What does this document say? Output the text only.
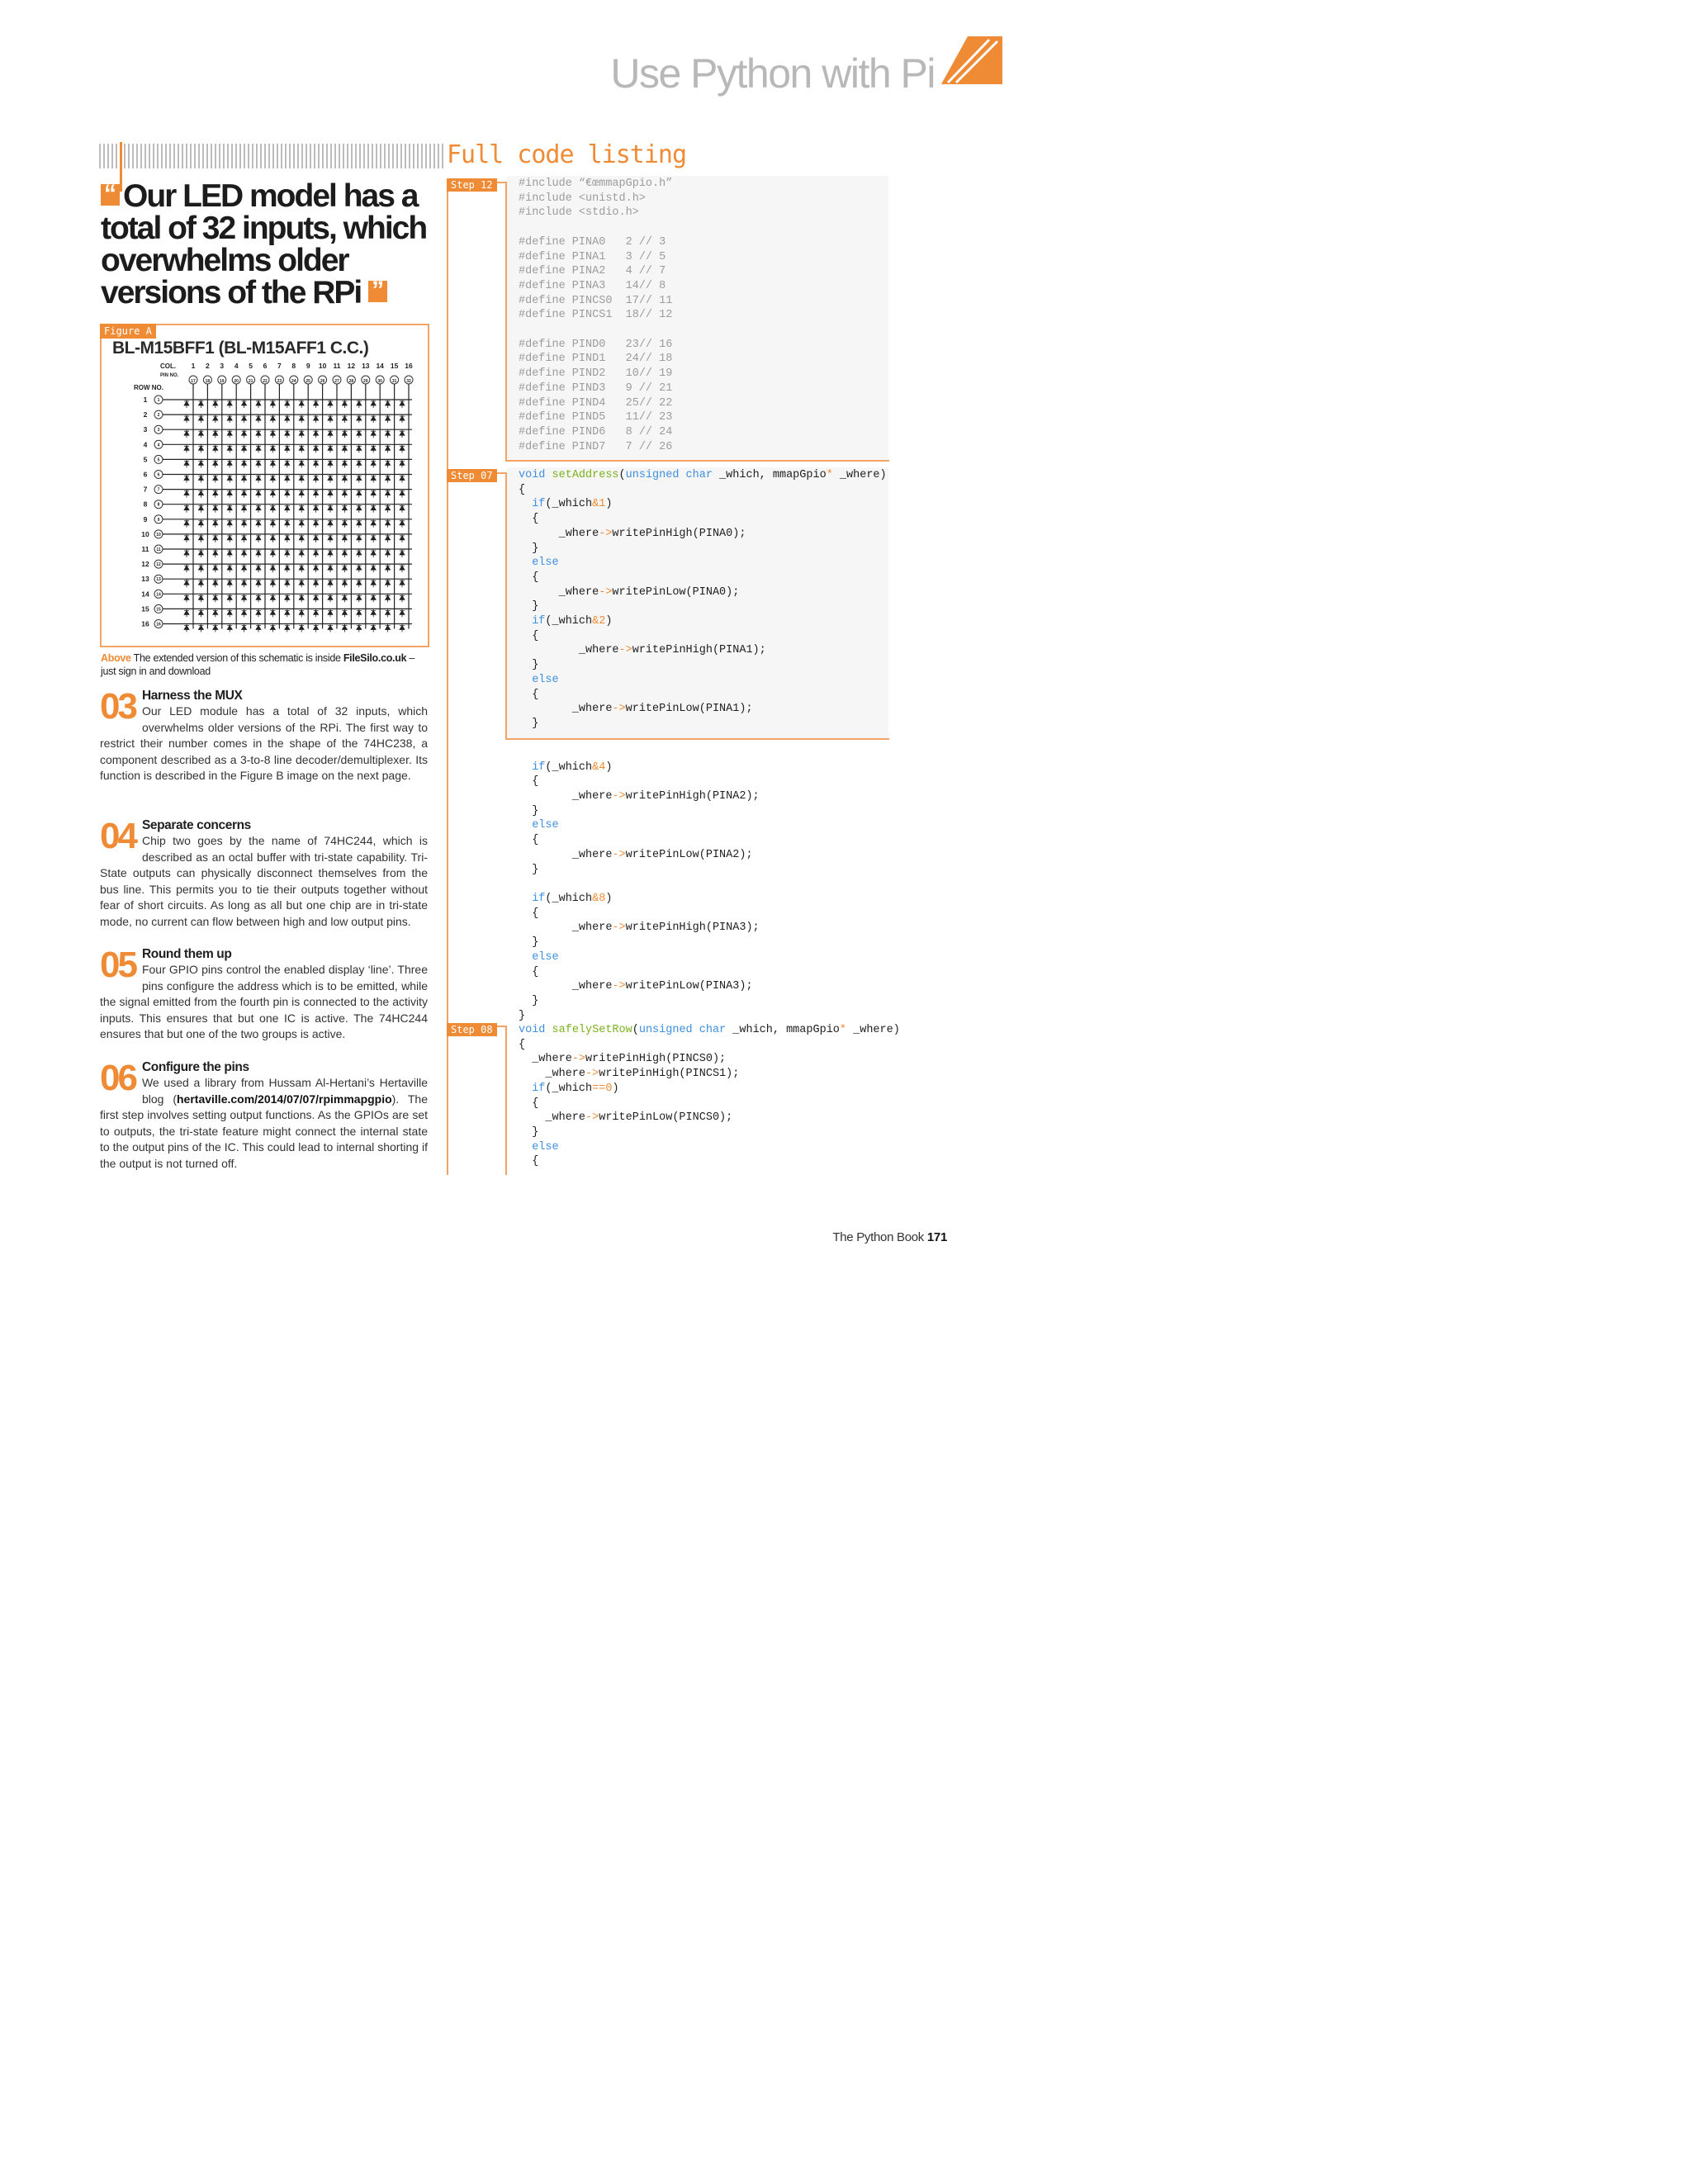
Use Python with Pi
“ Our LED model has a total of 32 inputs, which overwhelms older versions of the RPi ”
Figure A
BL-M15BFF1 (BL-M15AFF1 C.C.)
COL.
PIN NO.
ROW NO.
1
17
2
18
3
19
4
20
5
21
6
22
7
23
8
24
9
25
10
26
11
27
12
28
13
29
14
30
15
31
16
32
1 1
2 2
3 3
4 4
5 5
6 6
7 7
8 8
9 9
10 10
11 11
12 12
13 13
14 14
15 15
16 16
Above The extended version of this schematic is inside FileSilo.co.uk – just sign in and download
03 Harness the MUX
Our LED module has a total of 32 inputs, which overwhelms older versions of the RPi. The first way to restrict their number comes in the shape of the 74HC238, a component described as a 3-to-8 line decoder/demultiplexer. Its function is described in the Figure B image on the next page.
04 Separate concerns
Chip two goes by the name of 74HC244, which is described as an octal buffer with tri-state capability. Tri-State outputs can physically disconnect themselves from the bus line. This permits you to tie their outputs together without fear of short circuits. As long as all but one chip are in tri-state mode, no current can flow between high and low output pins.
05 Round them up
Four GPIO pins control the enabled display ‘line’. Three pins configure the address which is to be emitted, while the signal emitted from the fourth pin is connected to the activity inputs. This ensures that but one IC is active. The 74HC244 ensures that but one of the two groups is active.
06 Configure the pins
We used a library from Hussam Al-Hertani’s Hertaville blog (hertaville.com/2014/07/07/rpimmapgpio). The first step involves setting output functions. As the GPIOs are set to outputs, the tri-state feature might connect the internal state to the output pins of the IC. This could lead to internal shorting if the output is not turned off.
Full code listing
Step 12
Step 07
Step 08
#include “€œmmapGpio.h”
#include <unistd.h>
#include <stdio.h>

#define PINA0   2 // 3
#define PINA1   3 // 5
#define PINA2   4 // 7
#define PINA3   14// 8
#define PINCS0  17// 11
#define PINCS1  18// 12

#define PIND0   23// 16
#define PIND1   24// 18
#define PIND2   10// 19
#define PIND3   9 // 21
#define PIND4   25// 22
#define PIND5   11// 23
#define PIND6   8 // 24
#define PIND7   7 // 26
void setAddress(unsigned char _which, mmapGpio* _where)
{
if(_which&1)
{
_where->writePinHigh(PINA0);
}
else
{
_where->writePinLow(PINA0);
}
if(_which&2)
{
_where->writePinHigh(PINA1);
}
else
{
_where->writePinLow(PINA1);
}
if(_which&4)
{
_where->writePinHigh(PINA2);
}
else
{
_where->writePinLow(PINA2);
}

if(_which&8)
{
_where->writePinHigh(PINA3);
}
else
{
_where->writePinLow(PINA3);
}
}
void safelySetRow(unsigned char _which, mmapGpio* _where)
{
_where->writePinHigh(PINCS0);
_where->writePinHigh(PINCS1);
if(_which==0)
{
_where->writePinLow(PINCS0);
}
else
{
The Python Book 171
